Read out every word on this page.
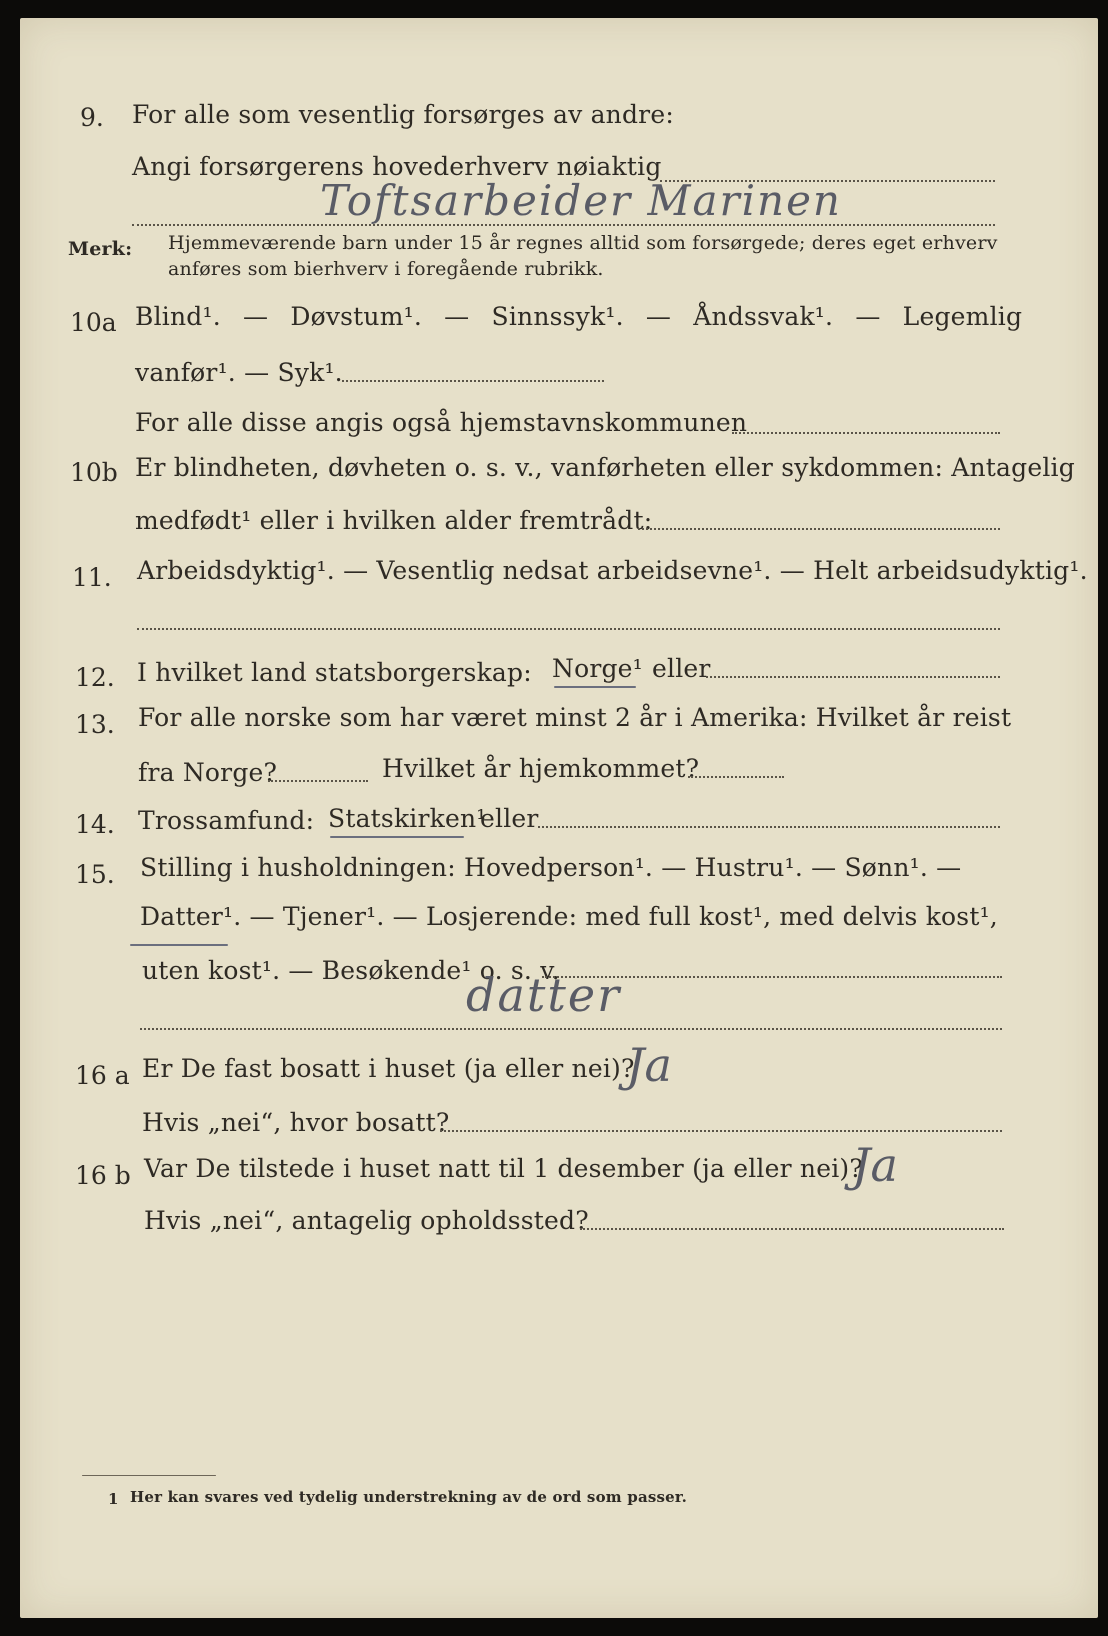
9. For alle som vesentlig forsørges av andre:
Angi forsørgerens hovederhverv nøiaktig
Toftsarbeider Marinen
Merk: Hjemmeværende barn under 15 år regnes alltid som forsørgede; deres eget erhverv
anføres som bierhverv i foregående rubrikk.
10a Blind¹. — Døvstum¹. — Sinnssyk¹. — Åndssvak¹. — Legemlig
vanfør¹. — Syk¹.
For alle disse angis også hjemstavnskommunen
10b Er blindheten, døvheten o. s. v., vanførheten eller sykdommen: Antagelig
medfødt¹ eller i hvilken alder fremtrådt:
11. Arbeidsdyktig¹. — Vesentlig nedsat arbeidsevne¹. — Helt arbeidsudyktig¹.
12. I hvilket land statsborgerskap: Norge¹ eller
13. For alle norske som har været minst 2 år i Amerika: Hvilket år reist
fra Norge?	Hvilket år hjemkommet?
14. Trossamfund: Statskirken¹
eller
15. Stilling i husholdningen: Hovedperson¹. — Hustru¹. — Sønn¹. —
Datter¹. — Tjener¹. — Losjerende: med full kost¹, med delvis kost¹,
uten kost¹. — Besøkende¹ o. s. v.
datter
16 a Er De fast bosatt i huset (ja eller nei)?
Ja
Hvis „nei“, hvor bosatt?
16 b Var De tilstede i huset natt til 1 desember (ja eller nei)?
Ja
Hvis „nei“, antagelig opholdssted?
1 Her kan svares ved tydelig understrekning av de ord som passer.
